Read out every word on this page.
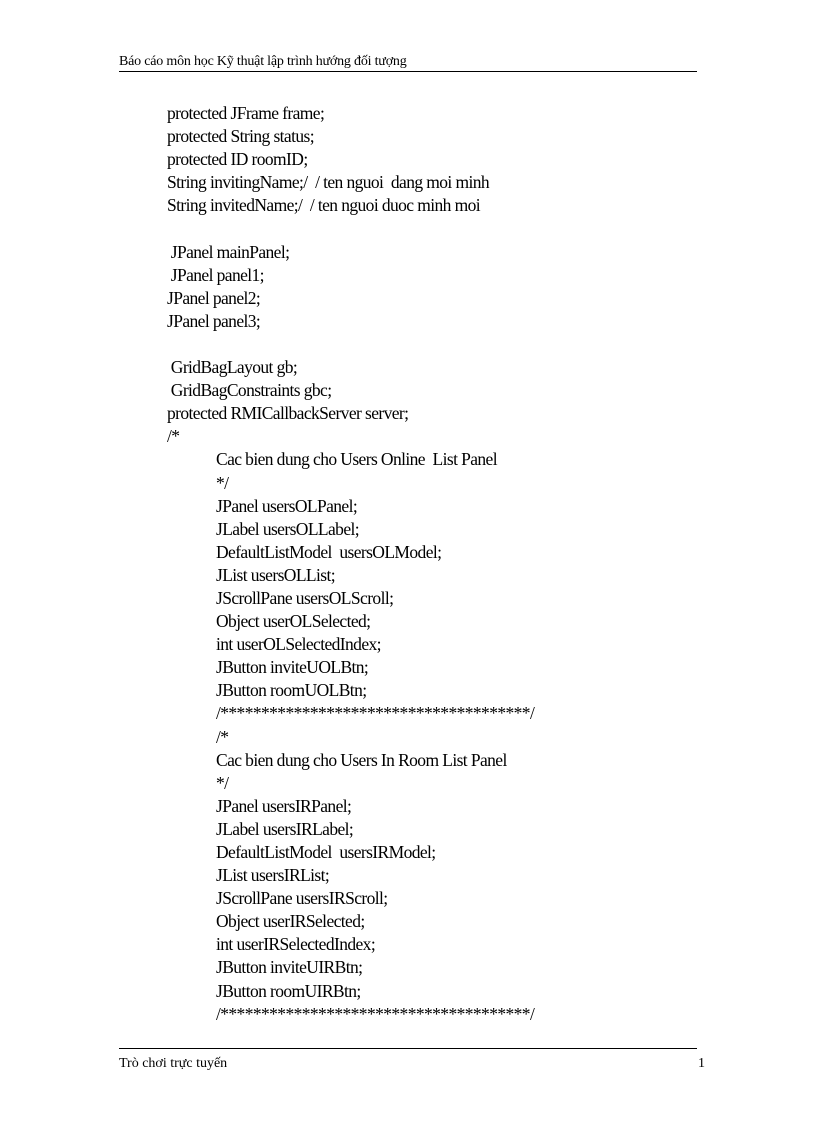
Báo cáo môn học Kỹ thuật lập trình hướng đối tượng
protected JFrame frame;
protected String status;
protected ID roomID;
String invitingName;/  / ten nguoi  dang moi minh
String invitedName;/  / ten nguoi duoc minh moi
JPanel mainPanel;
JPanel panel1;
JPanel panel2;
JPanel panel3;
GridBagLayout gb;
GridBagConstraints gbc;
protected RMICallbackServer server;
/*
Cac bien dung cho Users Online  List Panel
*/
JPanel usersOLPanel;
JLabel usersOLLabel;
DefaultListModel  usersOLModel;
JList usersOLList;
JScrollPane usersOLScroll;
Object userOLSelected;
int userOLSelectedIndex;
JButton inviteUOLBtn;
JButton roomUOLBtn;
/**************************************/
/*
Cac bien dung cho Users In Room List Panel
*/
JPanel usersIRPanel;
JLabel usersIRLabel;
DefaultListModel  usersIRModel;
JList usersIRList;
JScrollPane usersIRScroll;
Object userIRSelected;
int userIRSelectedIndex;
JButton inviteUIRBtn;
JButton roomUIRBtn;
/**************************************/
Trò chơi trực tuyến	1
